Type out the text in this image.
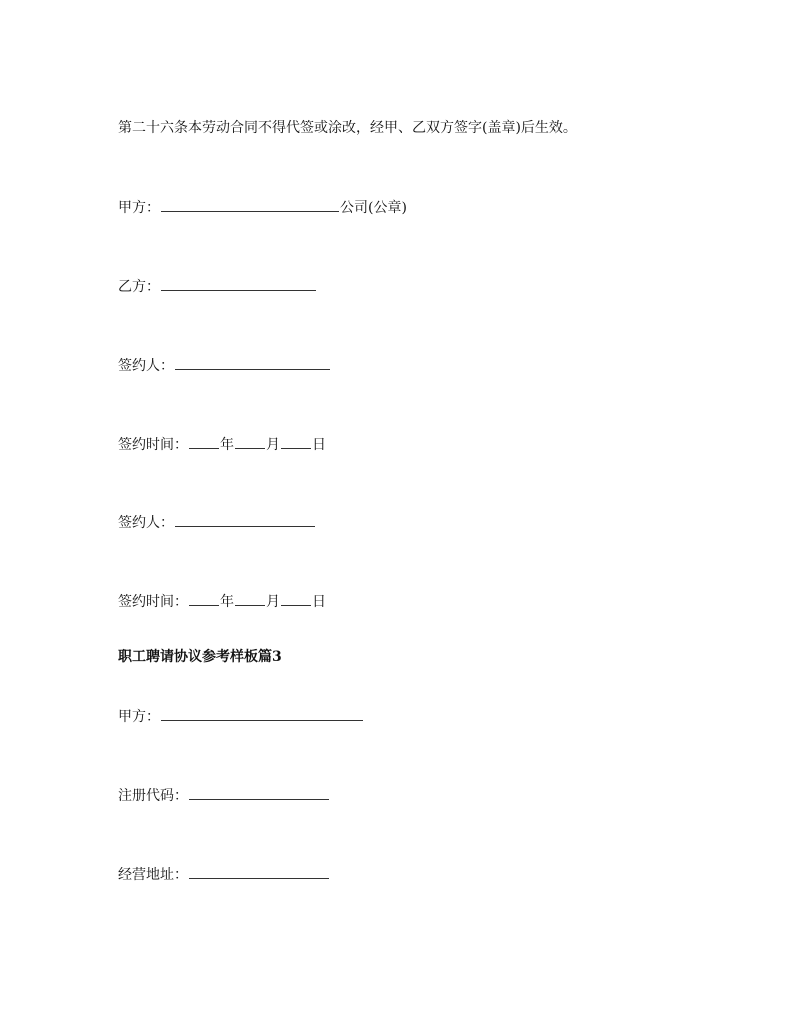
第二十六条本劳动合同不得代签或涂改，经甲、乙双方签字(盖章)后生效。
甲方：	公司(公章)
乙方：
签约人：
签约时间： 年 月 日
签约人：
签约时间： 年 月 日
职工聘请协议参考样板篇3
甲方：
注册代码：
经营地址：
